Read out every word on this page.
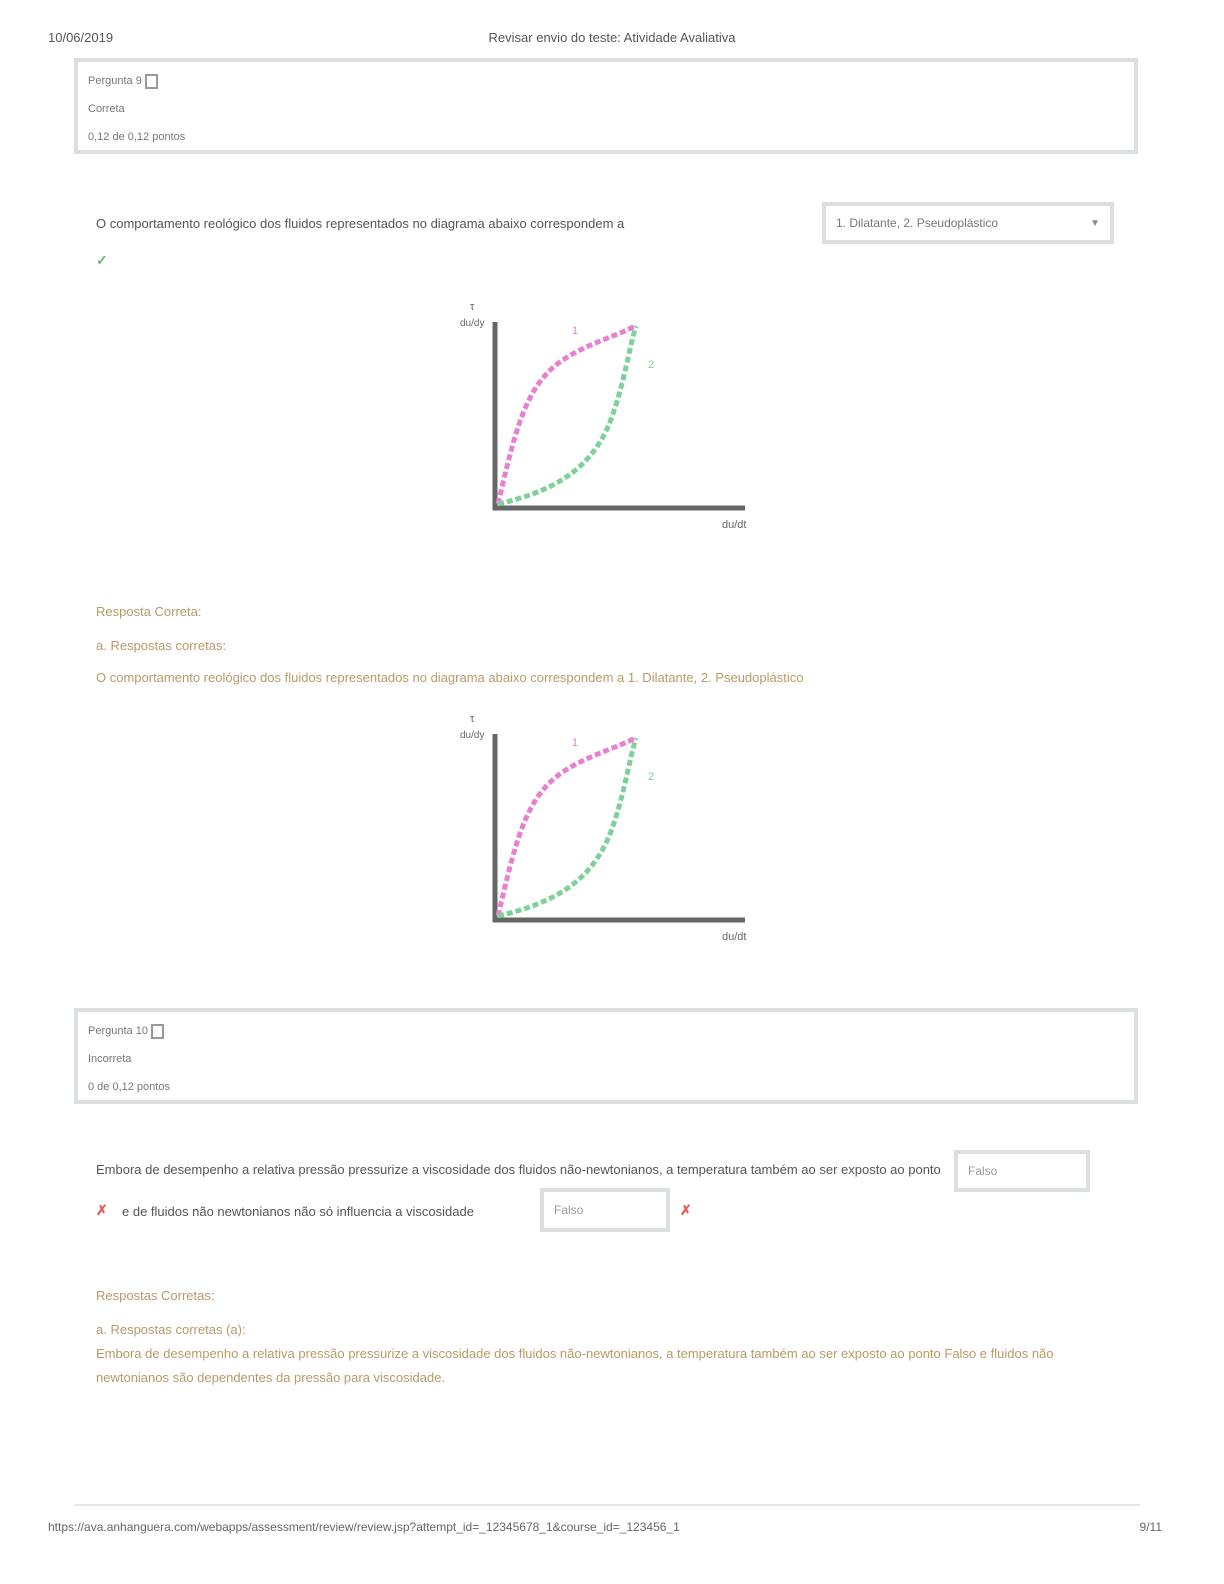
10/06/2019	Revisar envio do teste: Atividade Avaliativa
Pergunta 9
Correta
0,12 de 0,12 pontos
O comportamento reológico dos fluidos representados no diagrama abaixo correspondem a	1. Dilatante, 2. Pseudoplástico	▼
✓
τ
du/dy
1
2
du/dt
Resposta Correta:
a. Respostas corretas:
O comportamento reológico dos fluidos representados no diagrama abaixo correspondem a 1. Dilatante, 2. Pseudoplástico
τ
du/dy
1
2
du/dt
Pergunta 10
Incorreta
0 de 0,12 pontos
Embora de desempenho a relativa pressão pressurize a viscosidade dos fluidos não-newtonianos, a temperatura também ao ser exposto ao ponto	Falso
✗ e de fluidos não newtonianos não só influencia a viscosidade	Falso	✗
Respostas Corretas:
a. Respostas corretas (a):
Embora de desempenho a relativa pressão pressurize a viscosidade dos fluidos não-newtonianos, a temperatura também ao ser exposto ao ponto Falso e fluidos não newtonianos são dependentes da pressão para viscosidade.
https://ava.anhanguera.com/webapps/assessment/review/review.jsp?attempt_id=_12345678_1&course_id=_123456_1	9/11
